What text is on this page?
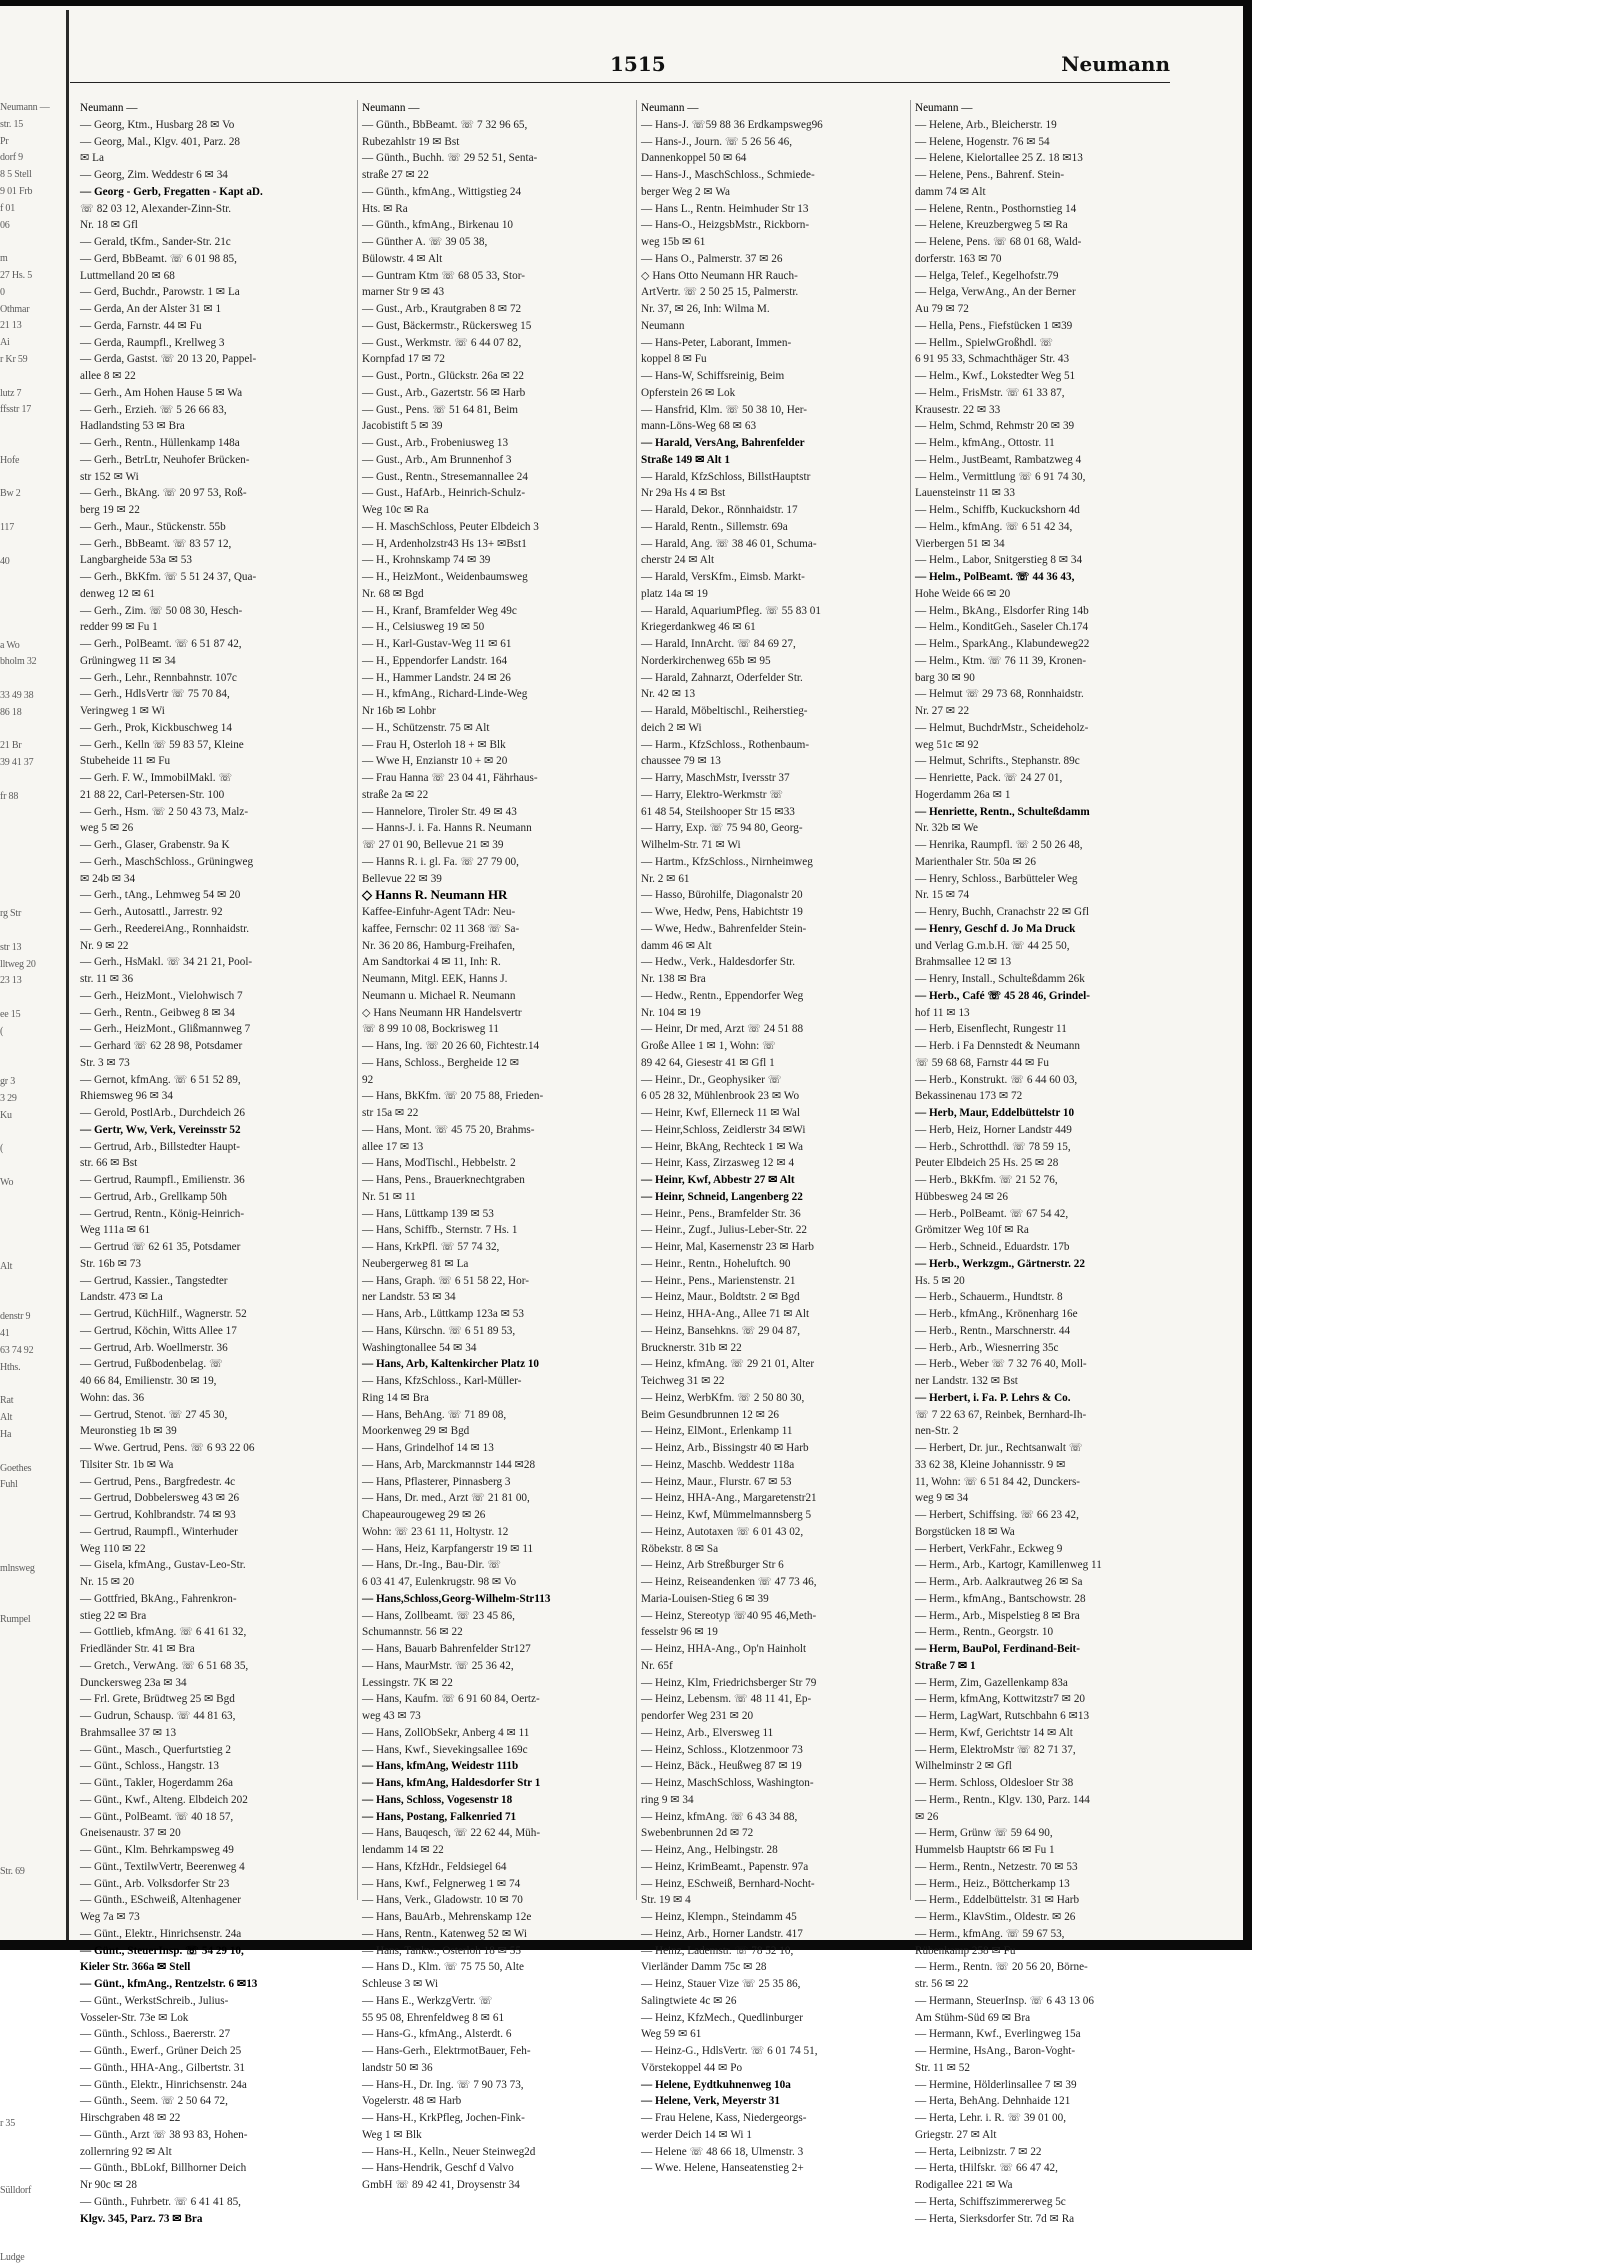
Neumann —
str. 15
Pr
dorf 9
8 5 Stell
9 01 Frb
f 01
06
m
27 Hs. 5
0
Othmar
21 13
Ai
r Kr 59
lutz 7
ffsstr 17
Hofe
Bw 2
117
40
a Wo
bholm 32
33 49 38
86 18
21 Br
39 41 37
fr 88
rg Str
str 13
lltweg 20
23 13
ee 15
(
gr 3
3 29
Ku
(
Wo
Alt
denstr 9
41
63 74 92
Hths.
Rat
Alt
Ha
Goethes
Fuhl
mlnsweg
Rumpel
Str. 69
r 35
Sülldorf
Ludge
1515	Neumann
Neumann —
— Georg, Ktm., Husbarg 28 ✉ Vo
— Georg, Mal., Klgv. 401, Parz. 28
✉ La
— Georg, Zim. Weddestr 6 ✉ 34
— Georg - Gerb, Fregatten - Kapt aD.
☏ 82 03 12, Alexander-Zinn-Str.
Nr. 18 ✉ Gfl
— Gerald, tKfm., Sander-Str. 21c
— Gerd, BbBeamt. ☏ 6 01 98 85,
Luttmelland 20 ✉ 68
— Gerd, Buchdr., Parowstr. 1 ✉ La
— Gerda, An der Alster 31 ✉ 1
— Gerda, Farnstr. 44 ✉ Fu
— Gerda, Raumpfl., Krellweg 3
— Gerda, Gastst. ☏ 20 13 20, Pappel-
allee 8 ✉ 22
— Gerh., Am Hohen Hause 5 ✉ Wa
— Gerh., Erzieh. ☏ 5 26 66 83,
Hadlandsting 53 ✉ Bra
— Gerh., Rentn., Hüllenkamp 148a
— Gerh., BetrLtr, Neuhofer Brücken-
str 152 ✉ Wi
— Gerh., BkAng. ☏ 20 97 53, Roß-
berg 19 ✉ 22
— Gerh., Maur., Stückenstr. 55b
— Gerh., BbBeamt. ☏ 83 57 12,
Langbargheide 53a ✉ 53
— Gerh., BkKfm. ☏ 5 51 24 37, Qua-
denweg 12 ✉ 61
— Gerh., Zim. ☏ 50 08 30, Hesch-
redder 99 ✉ Fu 1
— Gerh., PolBeamt. ☏ 6 51 87 42,
Grüningweg 11 ✉ 34
— Gerh., Lehr., Rennbahnstr. 107c
— Gerh., HdlsVertr ☏ 75 70 84,
Veringweg 1 ✉ Wi
— Gerh., Prok, Kickbuschweg 14
— Gerh., Kelln ☏ 59 83 57, Kleine
Stubeheide 11 ✉ Fu
— Gerh. F. W., ImmobilMakl. ☏
21 88 22, Carl-Petersen-Str. 100
— Gerh., Hsm. ☏ 2 50 43 73, Malz-
weg 5 ✉ 26
— Gerh., Glaser, Grabenstr. 9a K
— Gerh., MaschSchloss., Grüningweg
✉ 24b ✉ 34
— Gerh., tAng., Lehmweg 54 ✉ 20
— Gerh., Autosattl., Jarrestr. 92
— Gerh., ReedereiAng., Ronnhaidstr.
Nr. 9 ✉ 22
— Gerh., HsMakl. ☏ 34 21 21, Pool-
str. 11 ✉ 36
— Gerh., HeizMont., Vielohwisch 7
— Gerh., Rentn., Geibweg 8 ✉ 34
— Gerh., HeizMont., Glißmannweg 7
— Gerhard ☏ 62 28 98, Potsdamer
Str. 3 ✉ 73
— Gernot, kfmAng. ☏ 6 51 52 89,
Rhiemsweg 96 ✉ 34
— Gerold, PostlArb., Durchdeich 26
— Gertr, Ww, Verk, Vereinsstr 52
— Gertrud, Arb., Billstedter Haupt-
str. 66 ✉ Bst
— Gertrud, Raumpfl., Emilienstr. 36
— Gertrud, Arb., Grellkamp 50h
— Gertrud, Rentn., König-Heinrich-
Weg 111a ✉ 61
— Gertrud ☏ 62 61 35, Potsdamer
Str. 16b ✉ 73
— Gertrud, Kassier., Tangstedter
Landstr. 473 ✉ La
— Gertrud, KüchHilf., Wagnerstr. 52
— Gertrud, Köchin, Witts Allee 17
— Gertrud, Arb. Woellmerstr. 36
— Gertrud, Fußbodenbelag. ☏
40 66 84, Emilienstr. 30 ✉ 19,
Wohn: das. 36
— Gertrud, Stenot. ☏ 27 45 30,
Meuronstieg 1b ✉ 39
— Wwe. Gertrud, Pens. ☏ 6 93 22 06
Tilsiter Str. 1b ✉ Wa
— Gertrud, Pens., Bargfredestr. 4c
— Gertrud, Dobbelersweg 43 ✉ 26
— Gertrud, Kohlbrandstr. 74 ✉ 93
— Gertrud, Raumpfl., Winterhuder
Weg 110 ✉ 22
— Gisela, kfmAng., Gustav-Leo-Str.
Nr. 15 ✉ 20
— Gottfried, BkAng., Fahrenkron-
stieg 22 ✉ Bra
— Gottlieb, kfmAng. ☏ 6 41 61 32,
Friedländer Str. 41 ✉ Bra
— Gretch., VerwAng. ☏ 6 51 68 35,
Dunckersweg 23a ✉ 34
— Frl. Grete, Brüdtweg 25 ✉ Bgd
— Gudrun, Schausp. ☏ 44 81 63,
Brahmsallee 37 ✉ 13
— Günt., Masch., Querfurtstieg 2
— Günt., Schloss., Hangstr. 13
— Günt., Takler, Hogerdamm 26a
— Günt., Kwf., Alteng. Elbdeich 202
— Günt., PolBeamt. ☏ 40 18 57,
Gneisenaustr. 37 ✉ 20
— Günt., Klm. Behrkampsweg 49
— Günt., TextilwVertr, Beerenweg 4
— Günt., Arb. Volksdorfer Str 23
— Günth., ESchweiß, Altenhagener
Weg 7a ✉ 73
— Günt., Elektr., Hinrichsenstr. 24a
— Günt., SteuerInsp. ☏ 54 29 10,
Kieler Str. 366a ✉ Stell
— Günt., kfmAng., Rentzelstr. 6 ✉13
— Günt., WerkstSchreib., Julius-
Vosseler-Str. 73e ✉ Lok
— Günth., Schloss., Baererstr. 27
— Günth., Ewerf., Grüner Deich 25
— Günth., HHA-Ang., Gilbertstr. 31
— Günth., Elektr., Hinrichsenstr. 24a
— Günth., Seem. ☏ 2 50 64 72,
Hirschgraben 48 ✉ 22
— Günth., Arzt ☏ 38 93 83, Hohen-
zollernring 92 ✉ Alt
— Günth., BbLokf, Billhorner Deich
Nr 90c ✉ 28
— Günth., Fuhrbetr. ☏ 6 41 41 85,
Klgv. 345, Parz. 73 ✉ Bra
Neumann —
— Günth., BbBeamt. ☏ 7 32 96 65,
Rubezahlstr 19 ✉ Bst
— Günth., Buchh. ☏ 29 52 51, Senta-
straße 27 ✉ 22
— Günth., kfmAng., Wittigstieg 24
Hts. ✉ Ra
— Günth., kfmAng., Birkenau 10
— Günther A. ☏ 39 05 38,
Bülowstr. 4 ✉ Alt
— Guntram Ktm ☏ 68 05 33, Stor-
marner Str 9 ✉ 43
— Gust., Arb., Krautgraben 8 ✉ 72
— Gust, Bäckermstr., Rückersweg 15
— Gust., Werkmstr. ☏ 6 44 07 82,
Kornpfad 17 ✉ 72
— Gust., Portn., Glückstr. 26a ✉ 22
— Gust., Arb., Gazertstr. 56 ✉ Harb
— Gust., Pens. ☏ 51 64 81, Beim
Jacobistift 5 ✉ 39
— Gust., Arb., Frobeniusweg 13
— Gust., Arb., Am Brunnenhof 3
— Gust., Rentn., Stresemannallee 24
— Gust., HafArb., Heinrich-Schulz-
Weg 10c ✉ Ra
— H. MaschSchloss, Peuter Elbdeich 3
— H, Ardenholzstr43 Hs 13+ ✉Bst1
— H., Krohnskamp 74 ✉ 39
— H., HeizMont., Weidenbaumsweg
Nr. 68 ✉ Bgd
— H., Kranf, Bramfelder Weg 49c
— H., Celsiusweg 19 ✉ 50
— H., Karl-Gustav-Weg 11 ✉ 61
— H., Eppendorfer Landstr. 164
— H., Hammer Landstr. 24 ✉ 26
— H., kfmAng., Richard-Linde-Weg
Nr 16b ✉ Lohbr
— H., Schützenstr. 75 ✉ Alt
— Frau H, Osterloh 18 + ✉ Blk
— Wwe H, Enzianstr 10 + ✉ 20
— Frau Hanna ☏ 23 04 41, Fährhaus-
straße 2a ✉ 22
— Hannelore, Tiroler Str. 49 ✉ 43
— Hanns-J. i. Fa. Hanns R. Neumann
☏ 27 01 90, Bellevue 21 ✉ 39
— Hanns R. i. gl. Fa. ☏ 27 79 00,
Bellevue 22 ✉ 39
◇ Hanns R. Neumann HR
Kaffee-Einfuhr-Agent TAdr: Neu-
kaffee, Fernschr: 02 11 368 ☏ Sa-
Nr. 36 20 86, Hamburg-Freihafen,
Am Sandtorkai 4 ✉ 11, Inh: R.
Neumann, Mitgl. EEK, Hanns J.
Neumann u. Michael R. Neumann
◇ Hans Neumann HR Handelsvertr
☏ 8 99 10 08, Bockrisweg 11
— Hans, Ing. ☏ 20 26 60, Fichtestr.14
— Hans, Schloss., Bergheide 12 ✉
92
— Hans, BkKfm. ☏ 20 75 88, Frieden-
str 15a ✉ 22
— Hans, Mont. ☏ 45 75 20, Brahms-
allee 17 ✉ 13
— Hans, ModTischl., Hebbelstr. 2
— Hans, Pens., Brauerknechtgraben
Nr. 51 ✉ 11
— Hans, Lüttkamp 139 ✉ 53
— Hans, Schiffb., Sternstr. 7 Hs. 1
— Hans, KrkPfl. ☏ 57 74 32,
Neubergerweg 81 ✉ La
— Hans, Graph. ☏ 6 51 58 22, Hor-
ner Landstr. 53 ✉ 34
— Hans, Arb., Lüttkamp 123a ✉ 53
— Hans, Kürschn. ☏ 6 51 89 53,
Washingtonallee 54 ✉ 34
— Hans, Arb, Kaltenkircher Platz 10
— Hans, KfzSchloss., Karl-Müller-
Ring 14 ✉ Bra
— Hans, BehAng. ☏ 71 89 08,
Moorkenweg 29 ✉ Bgd
— Hans, Grindelhof 14 ✉ 13
— Hans, Arb, Marckmannstr 144 ✉28
— Hans, Pflasterer, Pinnasberg 3
— Hans, Dr. med., Arzt ☏ 21 81 00,
Chapeaurougeweg 29 ✉ 26
Wohn: ☏ 23 61 11, Holtystr. 12
— Hans, Heiz, Karpfangerstr 19 ✉ 11
— Hans, Dr.-Ing., Bau-Dir. ☏
6 03 41 47, Eulenkrugstr. 98 ✉ Vo
— Hans,Schloss,Georg-Wilhelm-Str113
— Hans, Zollbeamt. ☏ 23 45 86,
Schumannstr. 56 ✉ 22
— Hans, Bauarb Bahrenfelder Str127
— Hans, MaurMstr. ☏ 25 36 42,
Lessingstr. 7K ✉ 22
— Hans, Kaufm. ☏ 6 91 60 84, Oertz-
weg 43 ✉ 73
— Hans, ZollObSekr, Anberg 4 ✉ 11
— Hans, Kwf., Sievekingsallee 169c
— Hans, kfmAng, Weidestr 111b
— Hans, kfmAng, Haldesdorfer Str 1
— Hans, Schloss, Vogesenstr 18
— Hans, Postang, Falkenried 71
— Hans, Bauqesch, ☏ 22 62 44, Müh-
lendamm 14 ✉ 22
— Hans, KfzHdr., Feldsiegel 64
— Hans, Kwf., Felgnerweg 1 ✉ 74
— Hans, Verk., Gladowstr. 10 ✉ 70
— Hans, BauArb., Mehrenskamp 12e
— Hans, Rentn., Katenweg 52 ✉ Wi
— Hans, Tankw., Osterloh 18 ✉ 55
— Hans D., Klm. ☏ 75 75 50, Alte
Schleuse 3 ✉ Wi
— Hans E., WerkzgVertr. ☏
55 95 08, Ehrenfeldweg 8 ✉ 61
— Hans-G., kfmAng., Alsterdt. 6
— Hans-Gerh., ElektrmotBauer, Feh-
landstr 50 ✉ 36
— Hans-H., Dr. Ing. ☏ 7 90 73 73,
Vogelerstr. 48 ✉ Harb
— Hans-H., KrkPfleg, Jochen-Fink-
Weg 1 ✉ Blk
— Hans-H., Kelln., Neuer Steinweg2d
— Hans-Hendrik, Geschf d Valvo
GmbH ☏ 89 42 41, Droysenstr 34
Neumann —
— Hans-J. ☏59 88 36 Erdkampsweg96
— Hans-J., Journ. ☏ 5 26 56 46,
Dannenkoppel 50 ✉ 64
— Hans-J., MaschSchloss., Schmiede-
berger Weg 2 ✉ Wa
— Hans L., Rentn. Heimhuder Str 13
— Hans-O., HeizgsbMstr., Rickborn-
weg 15b ✉ 61
— Hans O., Palmerstr. 37 ✉ 26
◇ Hans Otto Neumann HR Rauch-
ArtVertr. ☏ 2 50 25 15, Palmerstr.
Nr. 37, ✉ 26, Inh: Wilma M.
Neumann
— Hans-Peter, Laborant, Immen-
koppel 8 ✉ Fu
— Hans-W, Schiffsreinig, Beim
Opferstein 26 ✉ Lok
— Hansfrid, Klm. ☏ 50 38 10, Her-
mann-Löns-Weg 68 ✉ 63
— Harald, VersAng, Bahrenfelder
Straße 149 ✉ Alt 1
— Harald, KfzSchloss, BillstHauptstr
Nr 29a Hs 4 ✉ Bst
— Harald, Dekor., Rönnhaidstr. 17
— Harald, Rentn., Sillemstr. 69a
— Harald, Ang. ☏ 38 46 01, Schuma-
cherstr 24 ✉ Alt
— Harald, VersKfm., Eimsb. Markt-
platz 14a ✉ 19
— Harald, AquariumPfleg. ☏ 55 83 01
Kriegerdankweg 46 ✉ 61
— Harald, InnArcht. ☏ 84 69 27,
Norderkirchenweg 65b ✉ 95
— Harald, Zahnarzt, Oderfelder Str.
Nr. 42 ✉ 13
— Harald, Möbeltischl., Reiherstieg-
deich 2 ✉ Wi
— Harm., KfzSchloss., Rothenbaum-
chaussee 79 ✉ 13
— Harry, MaschMstr, Iversstr 37
— Harry, Elektro-Werkmstr ☏
61 48 54, Steilshooper Str 15 ✉33
— Harry, Exp. ☏ 75 94 80, Georg-
Wilhelm-Str. 71 ✉ Wi
— Hartm., KfzSchloss., Nirnheimweg
Nr. 2 ✉ 61
— Hasso, Bürohilfe, Diagonalstr 20
— Wwe, Hedw, Pens, Habichtstr 19
— Wwe, Hedw., Bahrenfelder Stein-
damm 46 ✉ Alt
— Hedw., Verk., Haldesdorfer Str.
Nr. 138 ✉ Bra
— Hedw., Rentn., Eppendorfer Weg
Nr. 104 ✉ 19
— Heinr, Dr med, Arzt ☏ 24 51 88
Große Allee 1 ✉ 1, Wohn: ☏
89 42 64, Giesestr 41 ✉ Gfl 1
— Heinr., Dr., Geophysiker ☏
6 05 28 32, Mühlenbrook 23 ✉ Wo
— Heinr, Kwf, Ellerneck 11 ✉ Wal
— Heinr,Schloss, Zeidlerstr 34 ✉Wi
— Heinr, BkAng, Rechteck 1 ✉ Wa
— Heinr, Kass, Zirzasweg 12 ✉ 4
— Heinr, Kwf, Abbestr 27 ✉ Alt
— Heinr, Schneid, Langenberg 22
— Heinr., Pens., Bramfelder Str. 36
— Heinr., Zugf., Julius-Leber-Str. 22
— Heinr, Mal, Kasernenstr 23 ✉ Harb
— Heinr., Rentn., Hoheluftch. 90
— Heinr., Pens., Marienstenstr. 21
— Heinz, Maur., Boldtstr. 2 ✉ Bgd
— Heinz, HHA-Ang., Allee 71 ✉ Alt
— Heinz, Bansehkns. ☏ 29 04 87,
Brucknerstr. 31b ✉ 22
— Heinz, kfmAng. ☏ 29 21 01, Alter
Teichweg 31 ✉ 22
— Heinz, WerbKfm. ☏ 2 50 80 30,
Beim Gesundbrunnen 12 ✉ 26
— Heinz, ElMont., Erlenkamp 11
— Heinz, Arb., Bissingstr 40 ✉ Harb
— Heinz, Maschb. Weddestr 118a
— Heinz, Maur., Flurstr. 67 ✉ 53
— Heinz, HHA-Ang., Margaretenstr21
— Heinz, Kwf, Mümmelmannsberg 5
— Heinz, Autotaxen ☏ 6 01 43 02,
Röbekstr. 8 ✉ Sa
— Heinz, Arb Streßburger Str 6
— Heinz, Reiseandenken ☏ 47 73 46,
Maria-Louisen-Stieg 6 ✉ 39
— Heinz, Stereotyp ☏40 95 46,Meth-
fesselstr 96 ✉ 19
— Heinz, HHA-Ang., Op'n Hainholt
Nr. 65f
— Heinz, Klm, Friedrichsberger Str 79
— Heinz, Lebensm. ☏ 48 11 41, Ep-
pendorfer Weg 231 ✉ 20
— Heinz, Arb., Elversweg 11
— Heinz, Schloss., Klotzenmoor 73
— Heinz, Bäck., Heußweg 87 ✉ 19
— Heinz, MaschSchloss, Washington-
ring 9 ✉ 34
— Heinz, kfmAng. ☏ 6 43 34 88,
Swebenbrunnen 2d ✉ 72
— Heinz, Ang., Helbingstr. 28
— Heinz, KrimBeamt., Papenstr. 97a
— Heinz, ESchweiß, Bernhard-Nocht-
Str. 19 ✉ 4
— Heinz, Klempn., Steindamm 45
— Heinz, Arb., Horner Landstr. 417
— Heinz, Lademstr. ☏ 78 52 10,
Vierländer Damm 75c ✉ 28
— Heinz, Stauer Vize ☏ 25 35 86,
Salingtwiete 4c ✉ 26
— Heinz, KfzMech., Quedlinburger
Weg 59 ✉ 61
— Heinz-G., HdlsVertr. ☏ 6 01 74 51,
Vörstekoppel 44 ✉ Po
— Helene, Eydtkuhnenweg 10a
— Helene, Verk, Meyerstr 31
— Frau Helene, Kass, Niedergeorgs-
werder Deich 14 ✉ Wi 1
— Helene ☏ 48 66 18, Ulmenstr. 3
— Wwe. Helene, Hanseatenstieg 2+
Neumann —
— Helene, Arb., Bleicherstr. 19
— Helene, Hogenstr. 76 ✉ 54
— Helene, Kielortallee 25 Z. 18 ✉13
— Helene, Pens., Bahrenf. Stein-
damm 74 ✉ Alt
— Helene, Rentn., Posthornstieg 14
— Helene, Kreuzbergweg 5 ✉ Ra
— Helene, Pens. ☏ 68 01 68, Wald-
dorferstr. 163 ✉ 70
— Helga, Telef., Kegelhofstr.79
— Helga, VerwAng., An der Berner
Au 79 ✉ 72
— Hella, Pens., Fiefstücken 1 ✉39
— Hellm., SpielwGroßhdl. ☏
6 91 95 33, Schmachthäger Str. 43
— Helm., Kwf., Lokstedter Weg 51
— Helm., FrisMstr. ☏ 61 33 87,
Krausestr. 22 ✉ 33
— Helm, Schmd, Rehmstr 20 ✉ 39
— Helm., kfmAng., Ottostr. 11
— Helm., JustBeamt, Rambatzweg 4
— Helm., Vermittlung ☏ 6 91 74 30,
Lauensteinstr 11 ✉ 33
— Helm., Schiffb, Kuckuckshorn 4d
— Helm., kfmAng. ☏ 6 51 42 34,
Vierbergen 51 ✉ 34
— Helm., Labor, Snitgerstieg 8 ✉ 34
— Helm., PolBeamt. ☏ 44 36 43,
Hohe Weide 66 ✉ 20
— Helm., BkAng., Elsdorfer Ring 14b
— Helm., KonditGeh., Saseler Ch.174
— Helm., SparkAng., Klabundeweg22
— Helm., Ktm. ☏ 76 11 39, Kronen-
barg 30 ✉ 90
— Helmut ☏ 29 73 68, Ronnhaidstr.
Nr. 27 ✉ 22
— Helmut, BuchdrMstr., Scheideholz-
weg 51c ✉ 92
— Helmut, Schrifts., Stephanstr. 89c
— Henriette, Pack. ☏ 24 27 01,
Hogerdamm 26a ✉ 1
— Henriette, Rentn., Schulteßdamm
Nr. 32b ✉ We
— Henrika, Raumpfl. ☏ 2 50 26 48,
Marienthaler Str. 50a ✉ 26
— Henry, Schloss., Barbütteler Weg
Nr. 15 ✉ 74
— Henry, Buchh, Cranachstr 22 ✉ Gfl
— Henry, Geschf d. Jo Ma Druck
und Verlag G.m.b.H. ☏ 44 25 50,
Brahmsallee 12 ✉ 13
— Henry, Install., Schulteßdamm 26k
— Herb., Café ☏ 45 28 46, Grindel-
hof 11 ✉ 13
— Herb, Eisenflecht, Rungestr 11
— Herb. i Fa Dennstedt & Neumann
☏ 59 68 68, Farnstr 44 ✉ Fu
— Herb., Konstrukt. ☏ 6 44 60 03,
Bekassinenau 173 ✉ 72
— Herb, Maur, Eddelbüttelstr 10
— Herb, Heiz, Horner Landstr 449
— Herb., Schrotthdl. ☏ 78 59 15,
Peuter Elbdeich 25 Hs. 25 ✉ 28
— Herb., BkKfm. ☏ 21 52 76,
Hübbesweg 24 ✉ 26
— Herb., PolBeamt. ☏ 67 54 42,
Grömitzer Weg 10f ✉ Ra
— Herb., Schneid., Eduardstr. 17b
— Herb., Werkzgm., Gärtnerstr. 22
Hs. 5 ✉ 20
— Herb., Schauerm., Hundtstr. 8
— Herb., kfmAng., Krönenharg 16e
— Herb., Rentn., Marschnerstr. 44
— Herb., Arb., Wiesnerring 35c
— Herb., Weber ☏ 7 32 76 40, Moll-
ner Landstr. 132 ✉ Bst
— Herbert, i. Fa. P. Lehrs & Co.
☏ 7 22 63 67, Reinbek, Bernhard-Ih-
nen-Str. 2
— Herbert, Dr. jur., Rechtsanwalt ☏
33 62 38, Kleine Johannisstr. 9 ✉
11, Wohn: ☏ 6 51 84 42, Dunckers-
weg 9 ✉ 34
— Herbert, Schiffsing. ☏ 66 23 42,
Borgstücken 18 ✉ Wa
— Herbert, VerkFahr., Eckweg 9
— Herm., Arb., Kartogr, Kamillenweg 11
— Herm., Arb. Aalkrautweg 26 ✉ Sa
— Herm., kfmAng., Bantschowstr. 28
— Herm., Arb., Mispelstieg 8 ✉ Bra
— Herm., Rentn., Georgstr. 10
— Herm, BauPol, Ferdinand-Beit-
Straße 7 ✉ 1
— Herm, Zim, Gazellenkamp 83a
— Herm, kfmAng, Kottwitzstr7 ✉ 20
— Herm, LagWart, Rutschbahn 6 ✉13
— Herm, Kwf, Gerichtstr 14 ✉ Alt
— Herm, ElektroMstr ☏ 82 71 37,
Wilhelminstr 2 ✉ Gfl
— Herm. Schloss, Oldesloer Str 38
— Herm., Rentn., Klgv. 130, Parz. 144
✉ 26
— Herm, Grünw ☏ 59 64 90,
Hummelsb Hauptstr 66 ✉ Fu 1
— Herm., Rentn., Netzestr. 70 ✉ 53
— Herm., Heiz., Böttcherkamp 13
— Herm., Eddelbüttelstr. 31 ✉ Harb
— Herm., KlavStim., Oldestr. ✉ 26
— Herm., kfmAng. ☏ 59 67 53,
Rübenkamp 258 ✉ Fu
— Herm., Rentn. ☏ 20 56 20, Börne-
str. 56 ✉ 22
— Hermann, SteuerInsp. ☏ 6 43 13 06
Am Stühm-Süd 69 ✉ Bra
— Hermann, Kwf., Everlingweg 15a
— Hermine, HsAng., Baron-Voght-
Str. 11 ✉ 52
— Hermine, Hölderlinsallee 7 ✉ 39
— Herta, BehAng. Dehnhaide 121
— Herta, Lehr. i. R. ☏ 39 01 00,
Griegstr. 27 ✉ Alt
— Herta, Leibnizstr. 7 ✉ 22
— Herta, tHilfskr. ☏ 66 47 42,
Rodigallee 221 ✉ Wa
— Herta, Schiffszimmererweg 5c
— Herta, Sierksdorfer Str. 7d ✉ Ra
